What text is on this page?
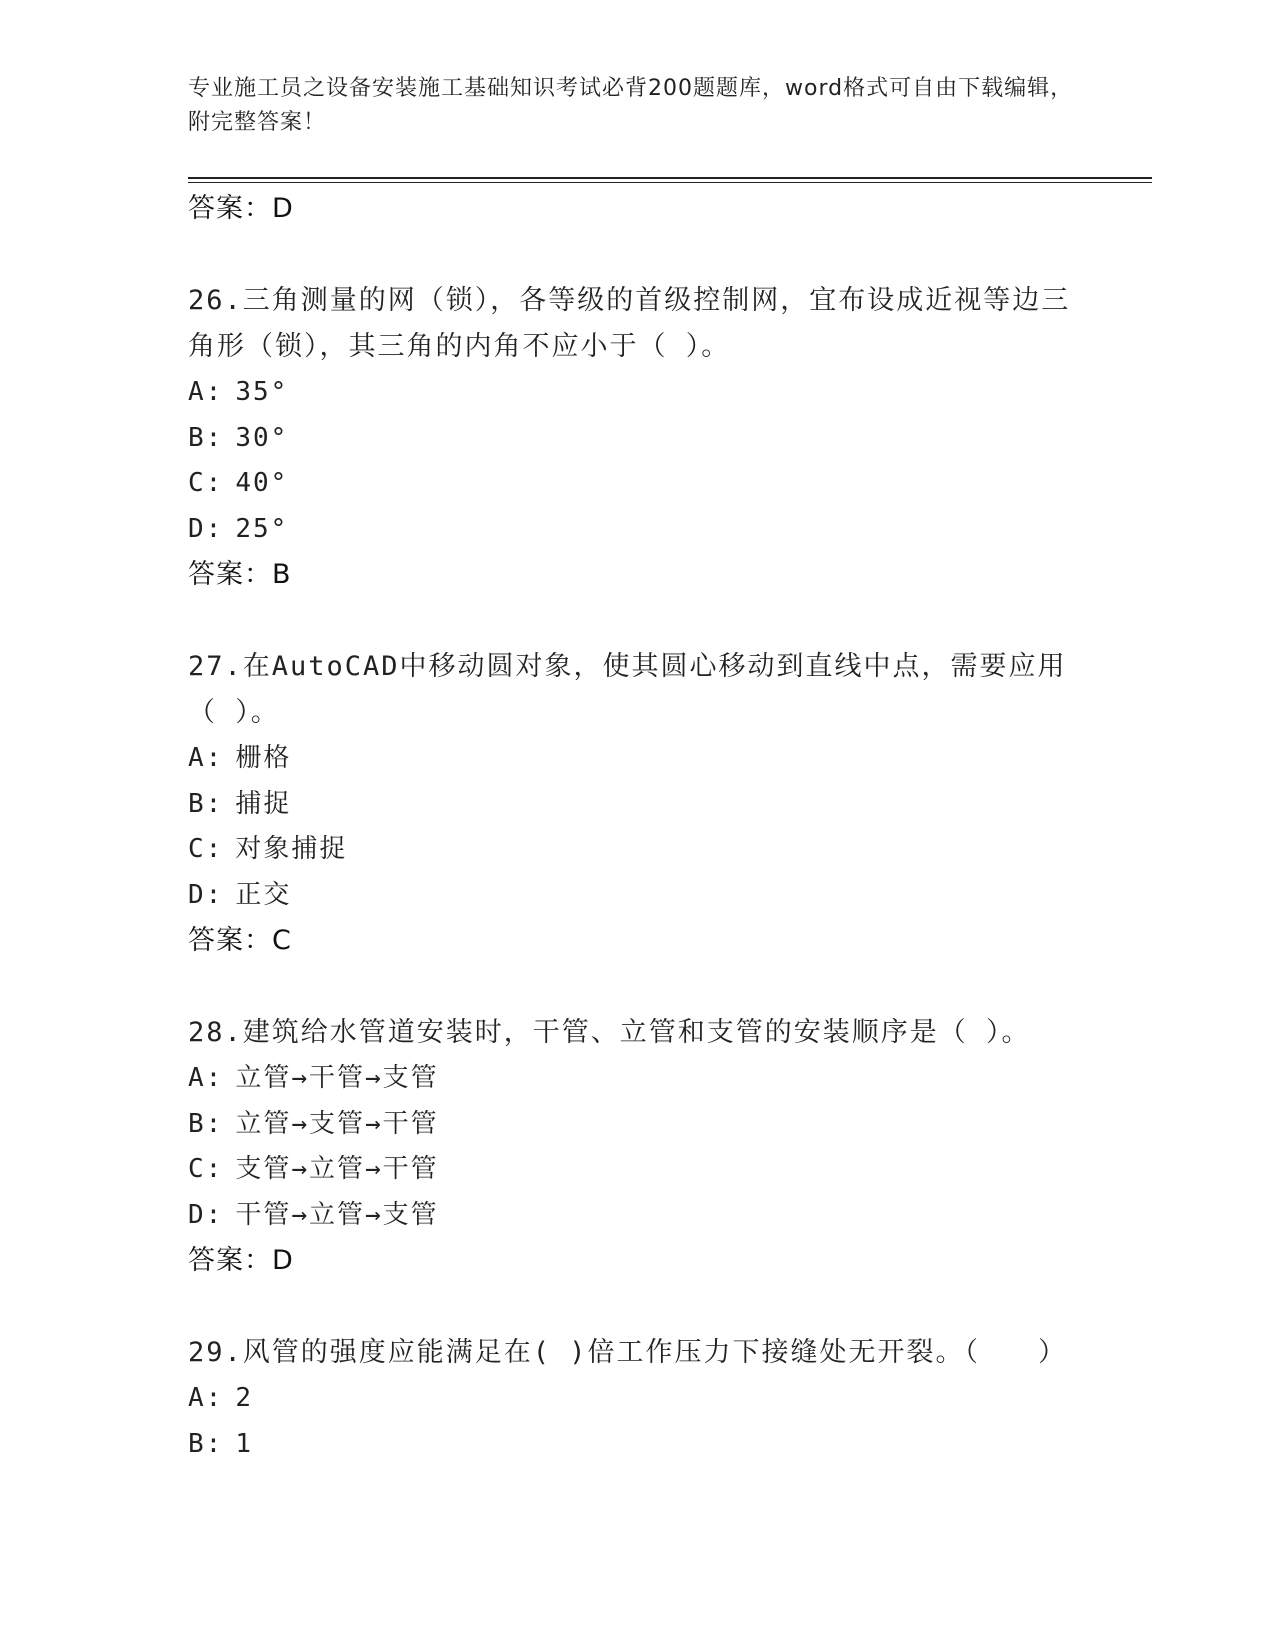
专业施工员之设备安装施工基础知识考试必背200题题库，word格式可自由下载编辑，附完整答案！
答案：D
26.三角测量的网（锁），各等级的首级控制网，宜布设成近视等边三角形（锁），其三角的内角不应小于（ ）。
A: 35°
B: 30°
C: 40°
D: 25°
答案：B
27.在AutoCAD中移动圆对象，使其圆心移动到直线中点，需要应用（ ）。
A: 栅格
B: 捕捉
C: 对象捕捉
D: 正交
答案：C
28.建筑给水管道安装时，干管、立管和支管的安装顺序是（ ）。
A: 立管→干管→支管
B: 立管→支管→干管
C: 支管→立管→干管
D: 干管→立管→支管
答案：D
29.风管的强度应能满足在( )倍工作压力下接缝处无开裂。（　　）
A: 2
B: 1
